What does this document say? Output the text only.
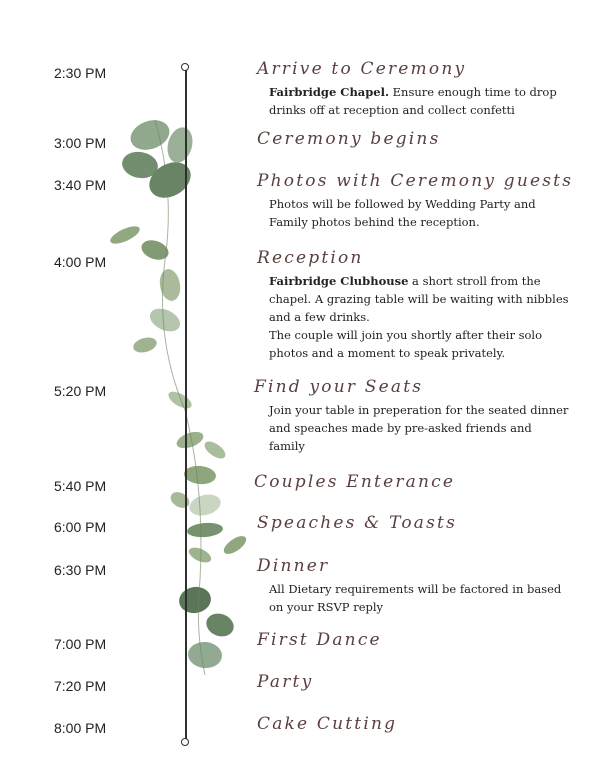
2:30 PM	Arrive to Ceremony
Fairbridge Chapel. Ensure enough time to drop drinks off at reception and collect confetti
3:00 PM	Ceremony begins
3:40 PM	Photos with Ceremony guests
Photos will be followed by Wedding Party and Family photos behind the reception.
4:00 PM	Reception
Fairbridge Clubhouse a short stroll from the chapel. A grazing table will be waiting with nibbles and a few drinks.
The couple will join you shortly after their solo photos and a moment to speak privately.
5:20 PM	Find your Seats
Join your table in preperation for the seated dinner and speaches made by pre-asked friends and family
5:40 PM	Couples Enterance
6:00 PM	Speaches & Toasts
6:30 PM	Dinner
All Dietary requirements will be factored in based on your RSVP reply
7:00 PM	First Dance
7:20 PM	Party
8:00 PM	Cake Cutting
